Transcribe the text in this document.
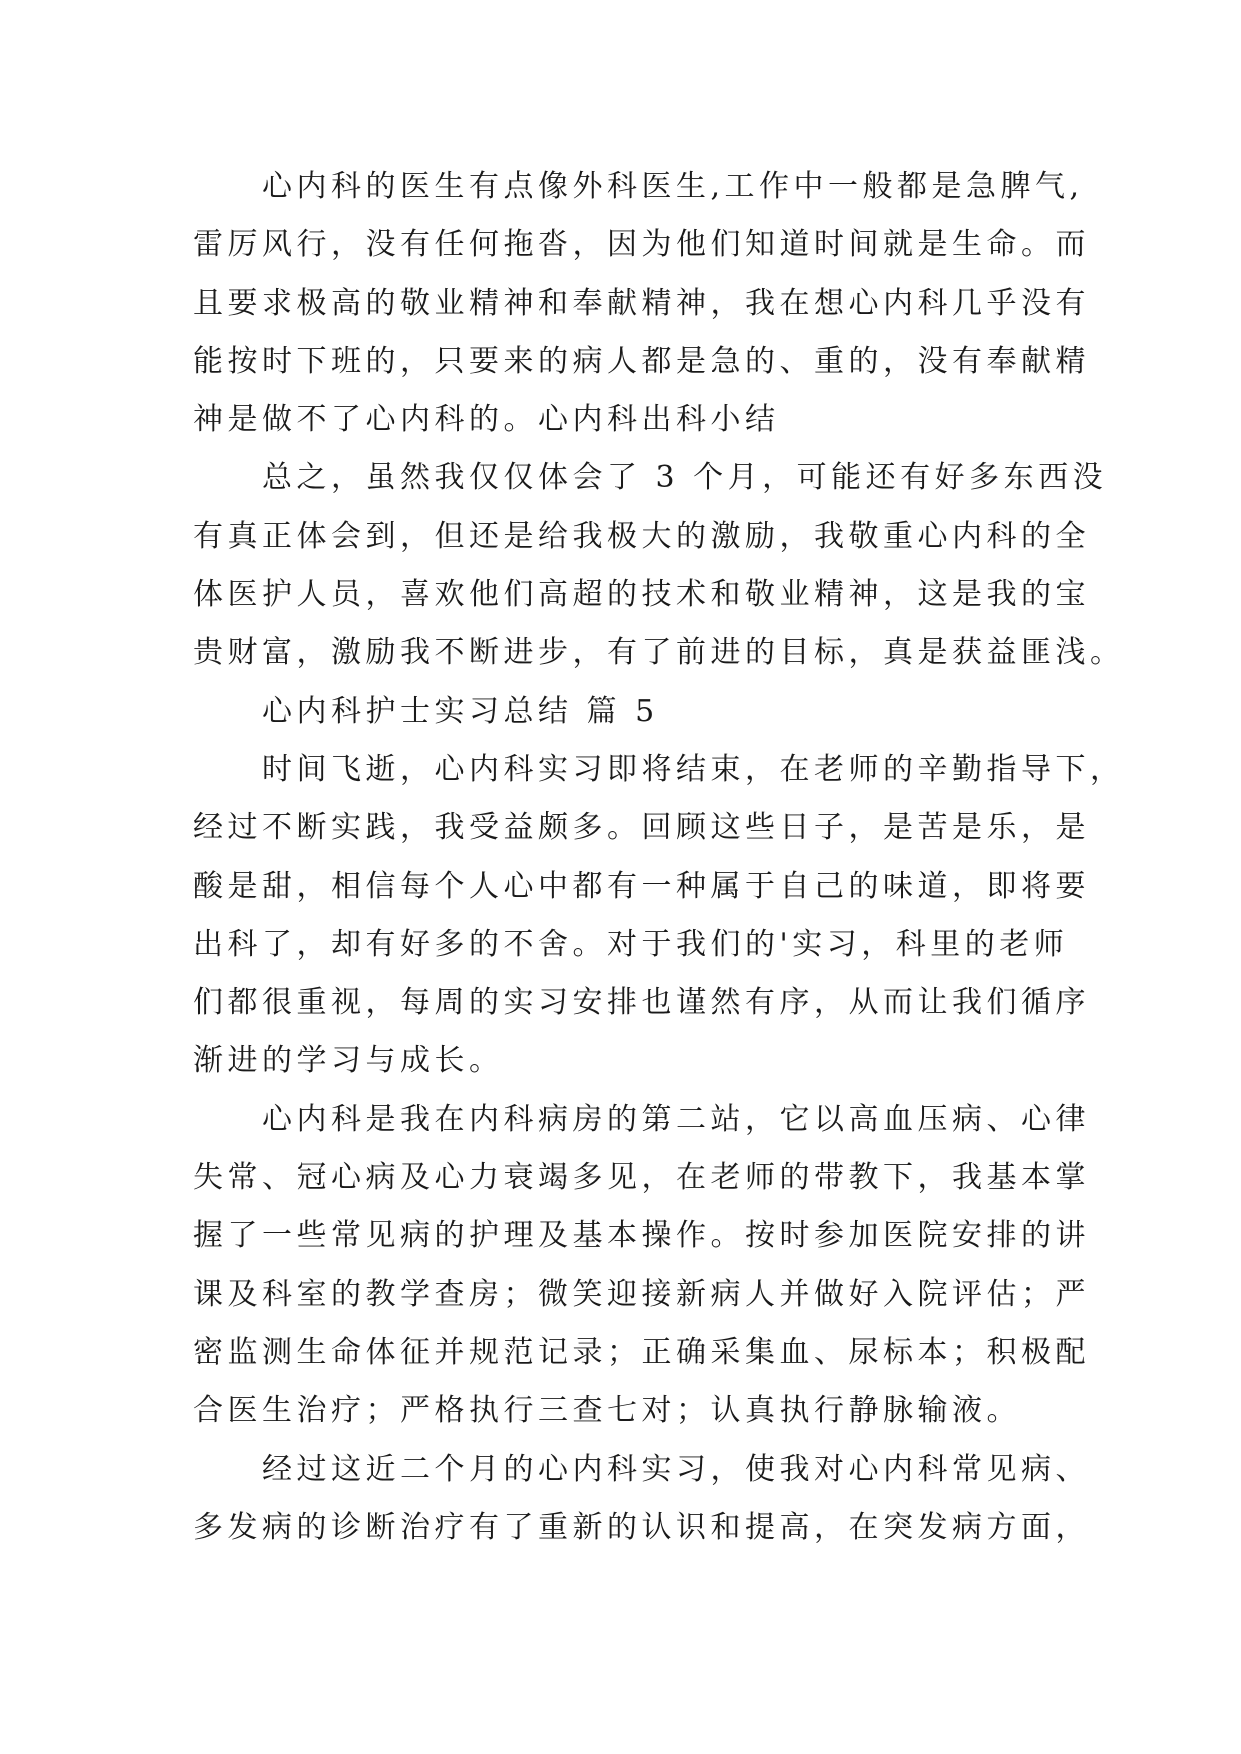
　　心内科的医生有点像外科医生,工作中一般都是急脾气,
雷厉风行，没有任何拖沓，因为他们知道时间就是生命。而
且要求极高的敬业精神和奉献精神，我在想心内科几乎没有
能按时下班的，只要来的病人都是急的、重的，没有奉献精
神是做不了心内科的。心内科出科小结
　　总之，虽然我仅仅体会了 3 个月，可能还有好多东西没
有真正体会到，但还是给我极大的激励，我敬重心内科的全
体医护人员，喜欢他们高超的技术和敬业精神，这是我的宝
贵财富，激励我不断进步，有了前进的目标，真是获益匪浅。
　　心内科护士实习总结 篇 5
　　时间飞逝，心内科实习即将结束，在老师的辛勤指导下，
经过不断实践，我受益颇多。回顾这些日子，是苦是乐，是
酸是甜，相信每个人心中都有一种属于自己的味道，即将要
出科了，却有好多的不舍。对于我们的'实习，科里的老师
们都很重视，每周的实习安排也谨然有序，从而让我们循序
渐进的学习与成长。
　　心内科是我在内科病房的第二站，它以高血压病、心律
失常、冠心病及心力衰竭多见，在老师的带教下，我基本掌
握了一些常见病的护理及基本操作。按时参加医院安排的讲
课及科室的教学查房；微笑迎接新病人并做好入院评估；严
密监测生命体征并规范记录；正确采集血、尿标本；积极配
合医生治疗；严格执行三查七对；认真执行静脉输液。
　　经过这近二个月的心内科实习，使我对心内科常见病、
多发病的诊断治疗有了重新的认识和提高，在突发病方面，
